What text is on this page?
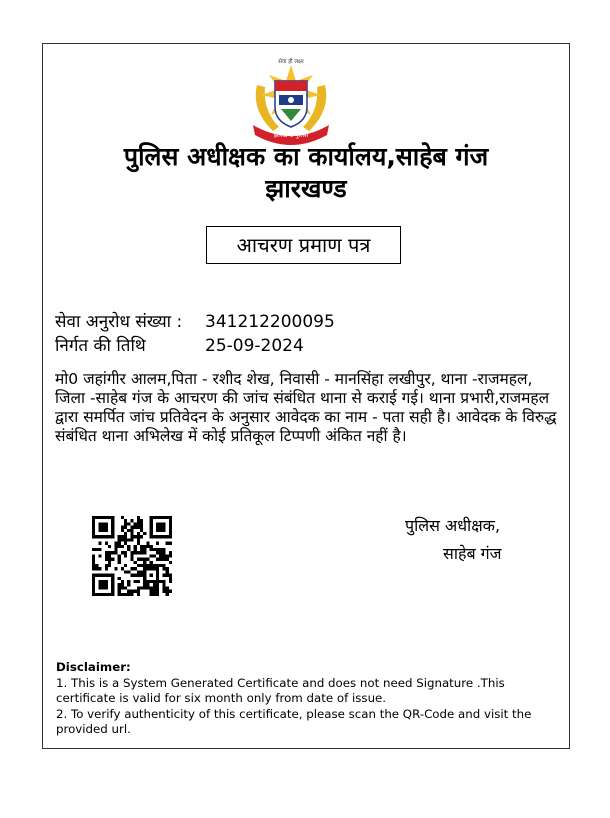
सेवा ही लक्ष्य
झारखण्ड पुलिस
पुलिस अधीक्षक का कार्यालय,साहेब गंज
झारखण्ड
आचरण प्रमाण पत्र
सेवा अनुरोध संख्या : 341212200095
निर्गत की तिथि	25-09-2024
मो0 जहांगीर आलम,पिता - रशीद शेख, निवासी - मानसिंहा लखीपुर, थाना -राजमहल, जिला -साहेब गंज के आचरण की जांच संबंधित थाना से कराई गई। थाना प्रभारी,राजमहल द्वारा समर्पित जांच प्रतिवेदन के अनुसार आवेदक का नाम - पता सही है। आवेदक के विरुद्ध संबंधित थाना अभिलेख में कोई प्रतिकूल टिप्पणी अंकित नहीं है।
पुलिस अधीक्षक,
साहेब गंज
Disclaimer:
1. This is a System Generated Certificate and does not need Signature .This certificate is valid for six month only from date of issue.
2. To verify authenticity of this certificate, please scan the QR-Code and visit the provided url.
